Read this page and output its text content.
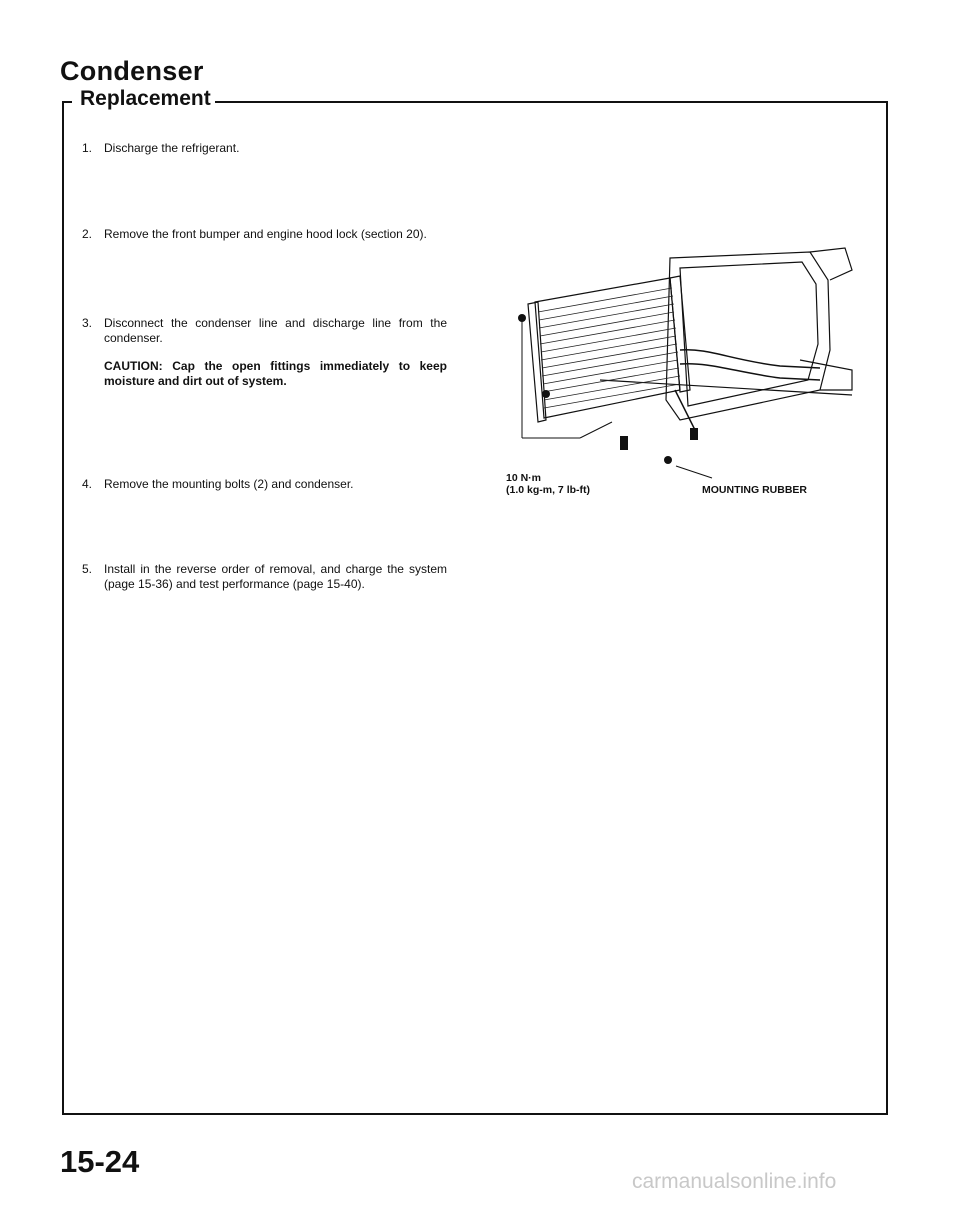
Condenser
Replacement
1. Discharge the refrigerant.
2. Remove the front bumper and engine hood lock (section 20).
3. Disconnect the condenser line and discharge line from the condenser.
CAUTION: Cap the open fittings immediately to keep moisture and dirt out of system.
4. Remove the mounting bolts (2) and condenser.
5. Install in the reverse order of removal, and charge the system (page 15-36) and test performance (page 15-40).
10 N·m
(1.0 kg-m, 7 lb-ft)	MOUNTING RUBBER
15-24
carmanualsonline.info
